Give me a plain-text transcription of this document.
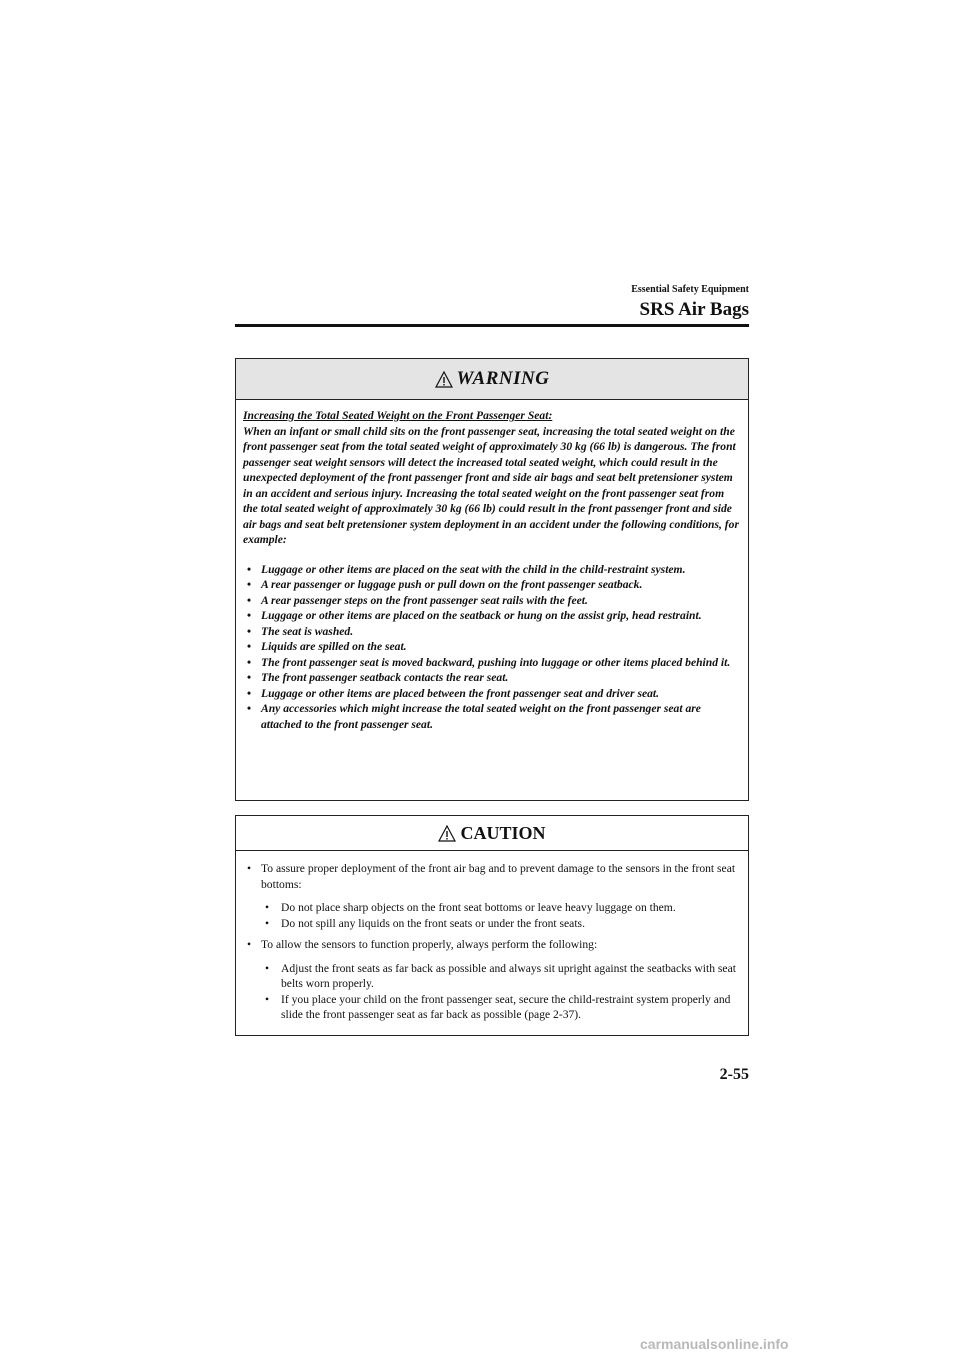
Essential Safety Equipment
SRS Air Bags
WARNING

Increasing the Total Seated Weight on the Front Passenger Seat:
When an infant or small child sits on the front passenger seat, increasing the total seated weight on the front passenger seat from the total seated weight of approximately 30 kg (66 lb) is dangerous. The front passenger seat weight sensors will detect the increased total seated weight, which could result in the unexpected deployment of the front passenger front and side air bags and seat belt pretensioner system in an accident and serious injury. Increasing the total seated weight on the front passenger seat from the total seated weight of approximately 30 kg (66 lb) could result in the front passenger front and side air bags and seat belt pretensioner system deployment in an accident under the following conditions, for example:

• Luggage or other items are placed on the seat with the child in the child-restraint system.
• A rear passenger or luggage push or pull down on the front passenger seatback.
• A rear passenger steps on the front passenger seat rails with the feet.
• Luggage or other items are placed on the seatback or hung on the assist grip, head restraint.
• The seat is washed.
• Liquids are spilled on the seat.
• The front passenger seat is moved backward, pushing into luggage or other items placed behind it.
• The front passenger seatback contacts the rear seat.
• Luggage or other items are placed between the front passenger seat and driver seat.
• Any accessories which might increase the total seated weight on the front passenger seat are attached to the front passenger seat.
CAUTION
• To assure proper deployment of the front air bag and to prevent damage to the sensors in the front seat bottoms:
• Do not place sharp objects on the front seat bottoms or leave heavy luggage on them.
• Do not spill any liquids on the front seats or under the front seats.
• To allow the sensors to function properly, always perform the following:
• Adjust the front seats as far back as possible and always sit upright against the seatbacks with seat belts worn properly.
• If you place your child on the front passenger seat, secure the child-restraint system properly and slide the front passenger seat as far back as possible (page 2-37).
2-55
carmanualsonline.info
